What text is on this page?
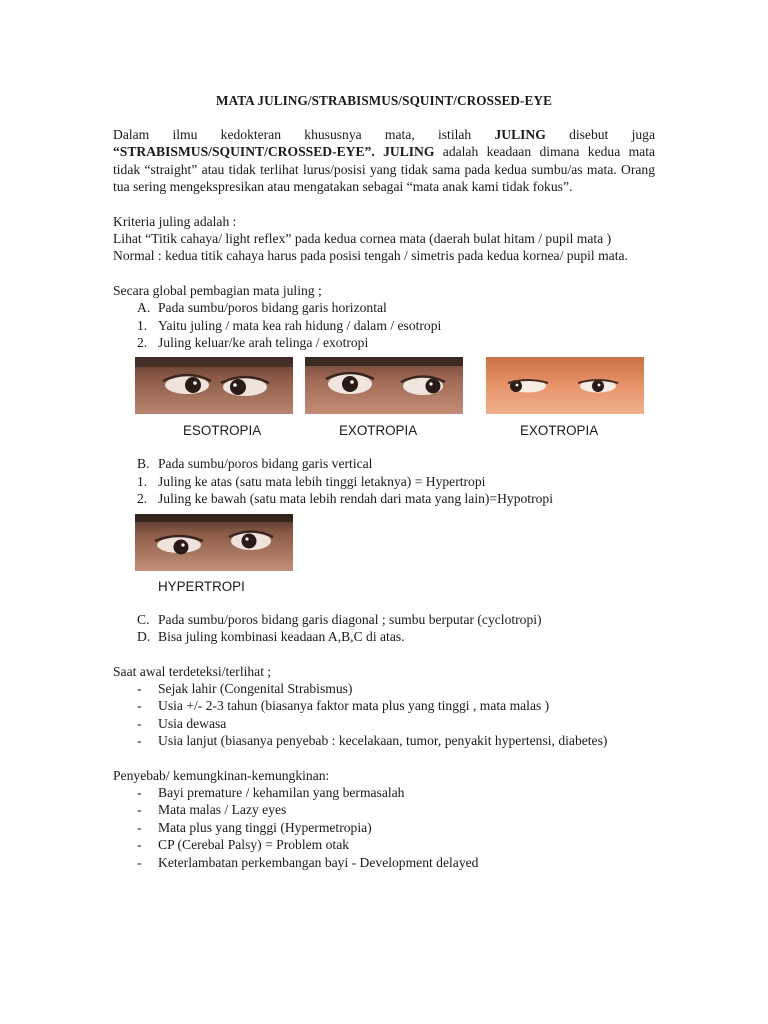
MATA JULING/STRABISMUS/SQUINT/CROSSED-EYE

Dalam ilmu kedokteran khususnya mata, istilah JULING disebut juga “STRABISMUS/SQUINT/CROSSED-EYE”. JULING adalah keadaan dimana kedua mata tidak “straight” atau tidak terlihat lurus/posisi yang tidak sama pada kedua sumbu/as mata. Orang tua sering mengekspresikan atau mengatakan sebagai “mata anak kami tidak fokus”.

Kriteria juling adalah :

Lihat “Titik cahaya/ light reflex” pada kedua cornea mata (daerah bulat hitam / pupil mata )

Normal : kedua titik cahaya harus pada posisi tengah / simetris pada kedua kornea/ pupil mata.

Secara global pembagian mata juling ;

A. Pada sumbu/poros bidang garis horizontal
1. Yaitu juling / mata kea rah hidung / dalam / esotropi
2. Juling keluar/ke arah telinga / exotropi
ESOTROPIA	EXOTROPIA	EXOTROPIA
B. Pada sumbu/poros bidang garis vertical
1. Juling ke atas (satu mata lebih tinggi letaknya) = Hypertropi
2. Juling ke bawah (satu mata lebih rendah dari mata yang lain)=Hypotropi

HYPERTROPI

C. Pada sumbu/poros bidang garis diagonal ; sumbu berputar (cyclotropi)
D. Bisa juling kombinasi keadaan A,B,C di atas.

Saat awal terdeteksi/terlihat ;

-	Sejak lahir (Congenital Strabismus)
-	Usia +/- 2-3 tahun (biasanya faktor mata plus yang tinggi , mata malas )
-	Usia dewasa
-	Usia lanjut (biasanya penyebab : kecelakaan, tumor, penyakit hypertensi, diabetes)

Penyebab/ kemungkinan-kemungkinan:

-	Bayi premature / kehamilan yang bermasalah
-	Mata malas / Lazy eyes
-	Mata plus yang tinggi (Hypermetropia)
-	CP (Cerebal Palsy) = Problem otak
-	Keterlambatan perkembangan bayi - Development delayed
